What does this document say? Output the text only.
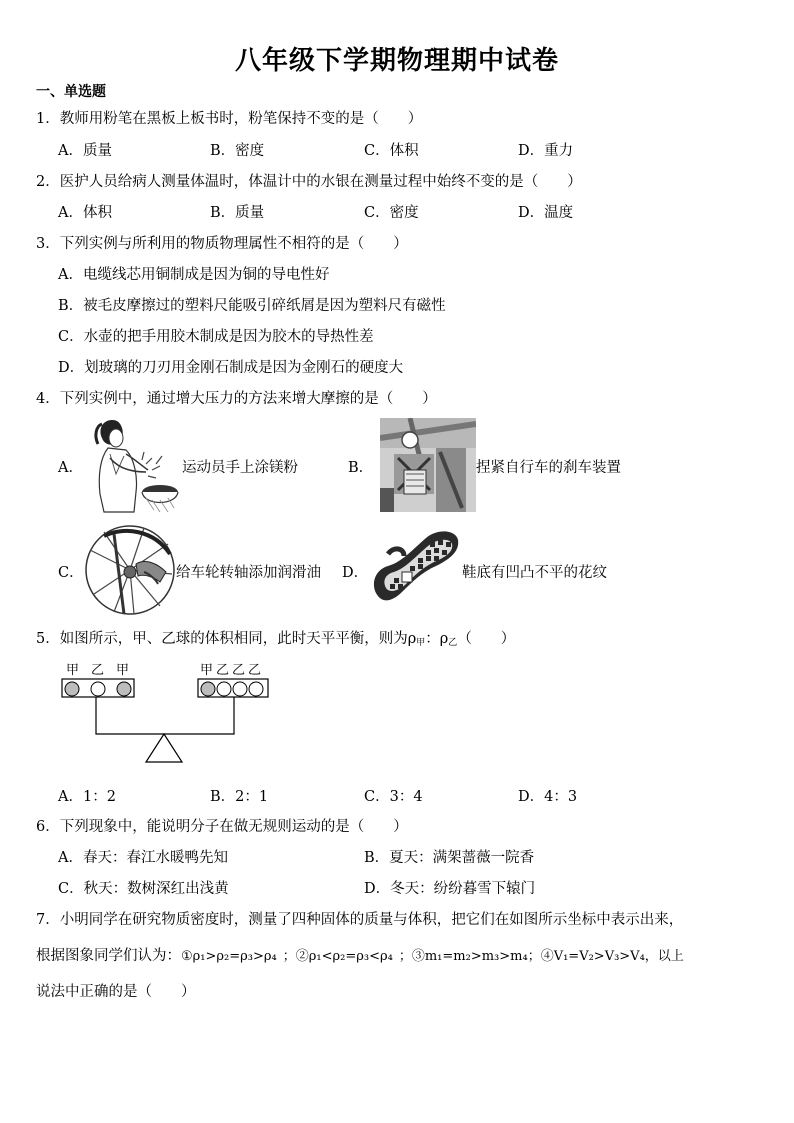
八年级下学期物理期中试卷
一、单选题
1．教师用粉笔在黑板上板书时，粉笔保持不变的是（　　）
A．质量	B．密度	C．体积	D．重力
2．医护人员给病人测量体温时，体温计中的水银在测量过程中始终不变的是（　　）
A．体积	B．质量	C．密度	D．温度
3．下列实例与所利用的物质物理属性不相符的是（　　）
A．电缆线芯用铜制成是因为铜的导电性好
B．被毛皮摩擦过的塑料尺能吸引碎纸屑是因为塑料尺有磁性
C．水壶的把手用胶木制成是因为胶木的导热性差
D．划玻璃的刀刃用金刚石制成是因为金刚石的硬度大
4．下列实例中，通过增大压力的方法来增大摩擦的是（　　）
A．	运动员手上涂镁粉	B．	捏紧自行车的刹车装置
C．	给车轮转轴添加润滑油 D．	鞋底有凹凸不平的花纹
5．如图所示，甲、乙球的体积相同，此时天平平衡，则为$\rho_甲$：$\rho_乙$（　　）
甲 乙 甲	甲 乙 乙 乙
A．1：2	B．2：1	C．3：4	D．4：3
6．下列现象中，能说明分子在做无规则运动的是（　　）
A．春天：春江水暖鸭先知	B．夏天：满架蔷薇一院香
C．秋天：数树深红出浅黄	D．冬天：纷纷暮雪下辕门
7．小明同学在研究物质密度时，测量了四种固体的质量与体积，把它们在如图所示坐标中表示出来，
根据图象同学们认为：①ρ₁>ρ₂=ρ₃>ρ₄ ；②ρ₁<ρ₂=ρ₃<ρ₄ ；③m₁=m₂>m₃>m₄；④V₁=V₂>V₃>V₄，以上
说法中正确的是（　　）
